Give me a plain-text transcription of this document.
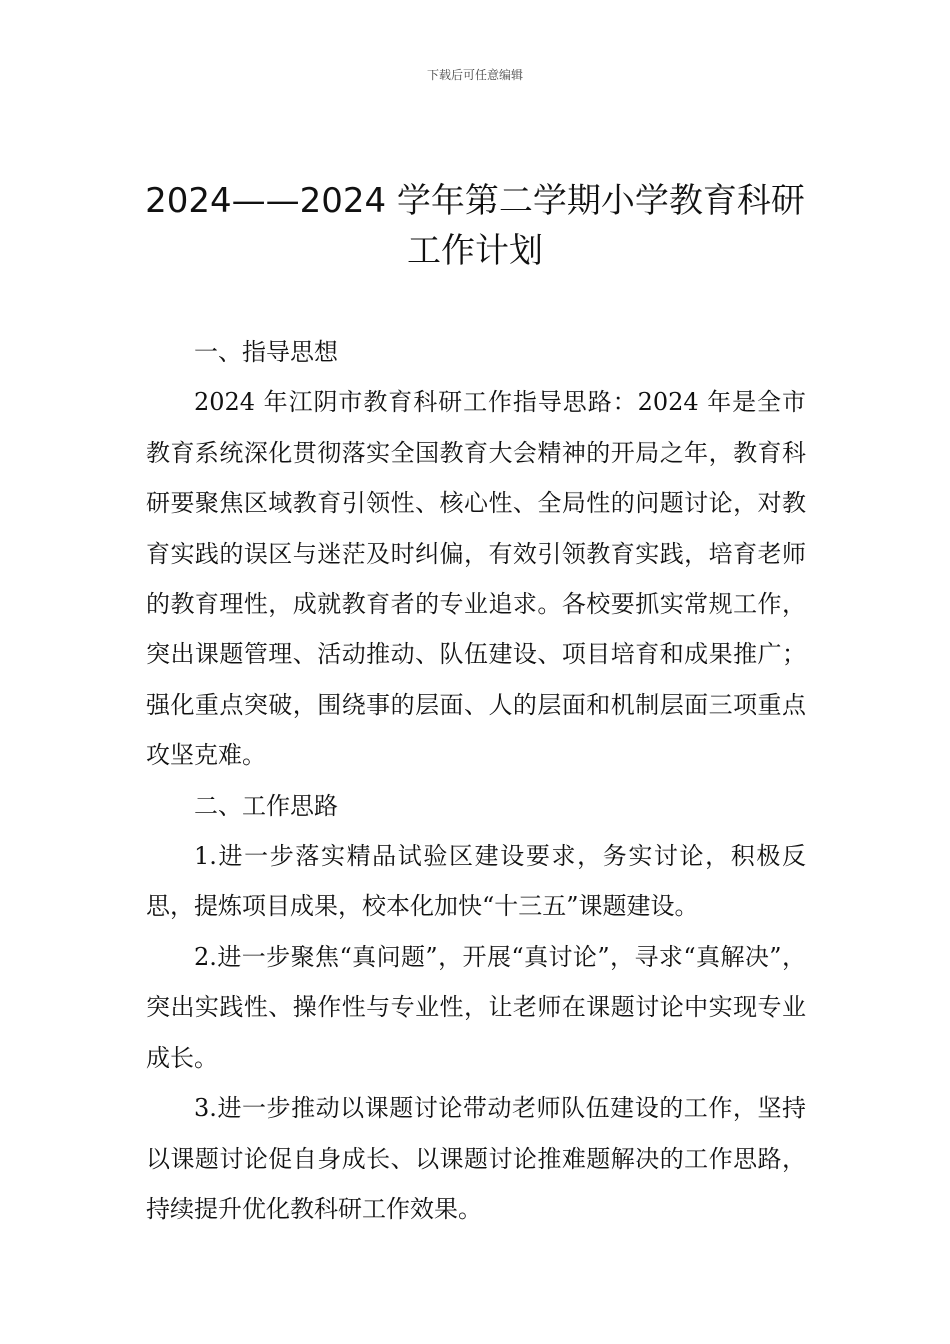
下载后可任意编辑
2024——2024 学年第二学期小学教育科研
工作计划

一、指导思想

2024 年江阴市教育科研工作指导思路：2024 年是全市教育系统深化贯彻落实全国教育大会精神的开局之年，教育科研要聚焦区域教育引领性、核心性、全局性的问题讨论，对教育实践的误区与迷茫及时纠偏，有效引领教育实践，培育老师的教育理性，成就教育者的专业追求。各校要抓实常规工作，突出课题管理、活动推动、队伍建设、项目培育和成果推广；强化重点突破，围绕事的层面、人的层面和机制层面三项重点攻坚克难。

二、工作思路

1.进一步落实精品试验区建设要求，务实讨论，积极反思，提炼项目成果，校本化加快“十三五”课题建设。

2.进一步聚焦“真问题”，开展“真讨论”，寻求“真解决”，突出实践性、操作性与专业性，让老师在课题讨论中实现专业成长。

3.进一步推动以课题讨论带动老师队伍建设的工作，坚持以课题讨论促自身成长、以课题讨论推难题解决的工作思路，持续提升优化教科研工作效果。
